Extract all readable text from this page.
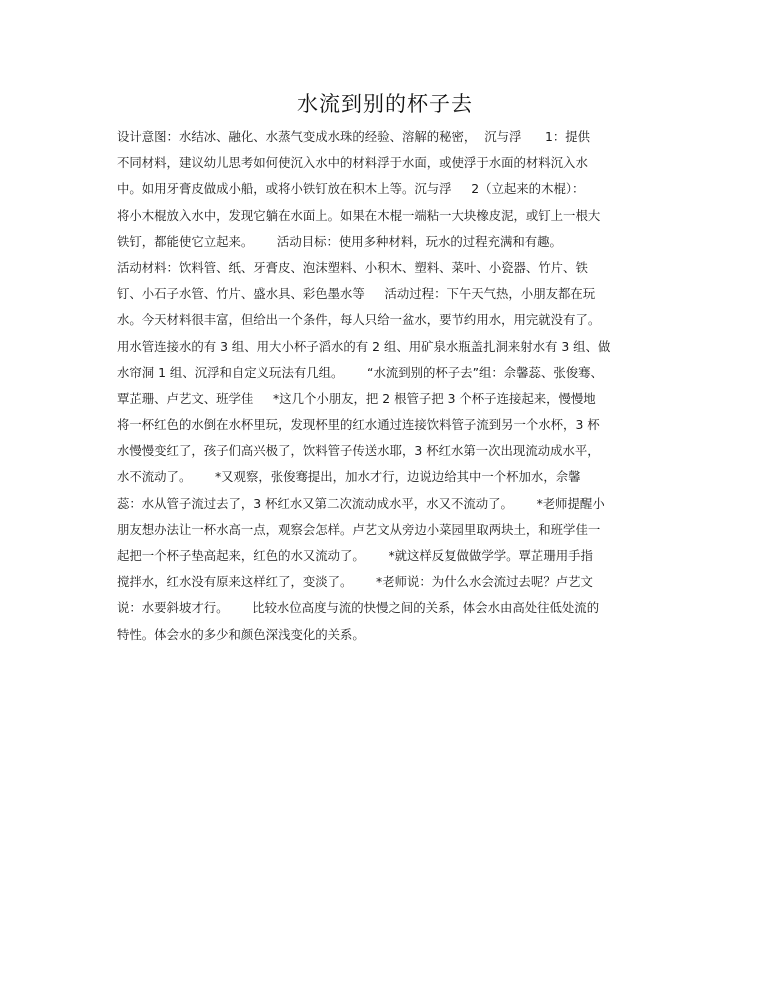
水流到别的杯子去
设计意图：水结冰、融化、水蒸气变成水珠的经验、溶解的秘密，  沉与浮      1：提供
不同材料，建议幼儿思考如何使沉入水中的材料浮于水面，或使浮于水面的材料沉入水
中。如用牙膏皮做成小船，或将小铁钉放在积木上等。沉与浮     2（立起来的木棍）：
将小木棍放入水中，发现它躺在水面上。如果在木棍一端粘一大块橡皮泥，或钉上一根大
铁钉，都能使它立起来。      活动目标：使用多种材料，玩水的过程充满和有趣。
活动材料：饮料管、纸、牙膏皮、泡沫塑料、小积木、塑料、菜叶、小瓷器、竹片、铁
钉、小石子水管、竹片、盛水具、彩色墨水等     活动过程：下午天气热，小朋友都在玩
水。今天材料很丰富，但给出一个条件，每人只给一盆水，要节约用水，用完就没有了。
用水管连接水的有 3 组、用大小杯子滔水的有 2 组、用矿泉水瓶盖扎洞来射水有 3 组、做
水帘洞 1 组、沉浮和自定义玩法有几组。      “水流到别的杯子去”组：佘馨蕊、张俊骞、
覃芷珊、卢艺文、班学佳     *这几个小朋友，把 2 根管子把 3 个杯子连接起来，慢慢地
将一杯红色的水倒在水杯里玩，发现杯里的红水通过连接饮料管子流到另一个水杯，3 杯
水慢慢变红了，孩子们高兴极了，饮料管子传送水耶，3 杯红水第一次出现流动成水平，
水不流动了。      *又观察，张俊骞提出，加水才行，边说边给其中一个杯加水，佘馨
蕊：水从管子流过去了，3 杯红水又第二次流动成水平，水又不流动了。      *老师提醒小
朋友想办法让一杯水高一点，观察会怎样。卢艺文从旁边小菜园里取两块土，和班学佳一
起把一个杯子垫高起来，红色的水又流动了。      *就这样反复做做学学。覃芷珊用手指
搅拌水，红水没有原来这样红了，变淡了。      *老师说：为什么水会流过去呢？卢艺文
说：水要斜坡才行。      比较水位高度与流的快慢之间的关系，体会水由高处往低处流的
特性。体会水的多少和颜色深浅变化的关系。
